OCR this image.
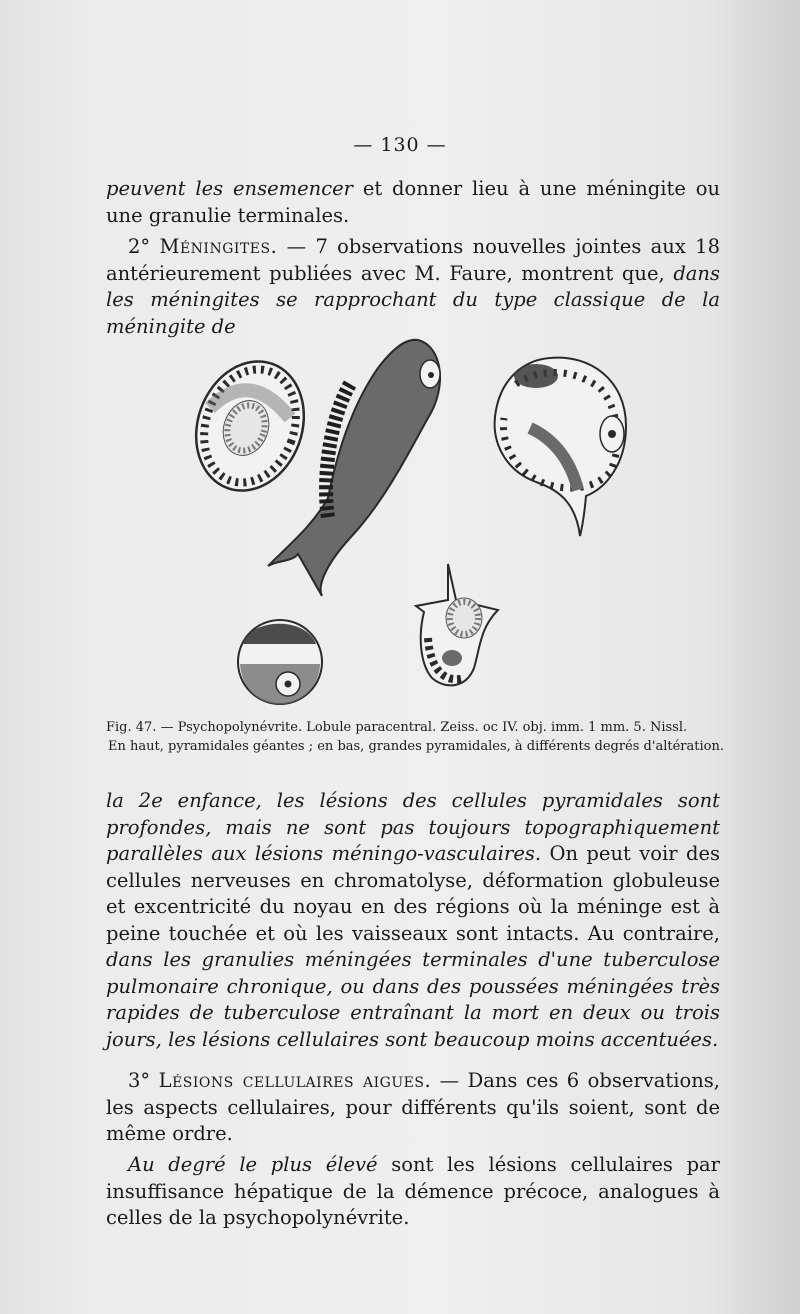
— 130 —

peuvent les ensemencer et donner lieu à une méningite ou une granulie terminales.

2° Méningites. — 7 observations nouvelles jointes aux 18 antérieurement publiées avec M. Faure, montrent que, dans les méningites se rapprochant du type classique de la méningite de

Fig. 47. — Psychopolynévrite. Lobule paracentral. Zeiss. oc IV. obj. imm. 1 mm. 5. Nissl.
En haut, pyramidales géantes ; en bas, grandes pyramidales, à différents degrés d'altération.

la 2e enfance, les lésions des cellules pyramidales sont profondes, mais ne sont pas toujours topographiquement parallèles aux lésions méningo-vasculaires. On peut voir des cellules nerveuses en chromatolyse, déformation globuleuse et excentricité du noyau en des régions où la méninge est à peine touchée et où les vaisseaux sont intacts. Au contraire, dans les granulies méningées terminales d'une tuberculose pulmonaire chronique, ou dans des poussées méningées très rapides de tuberculose entraînant la mort en deux ou trois jours, les lésions cellulaires sont beaucoup moins accentuées.

3° Lésions cellulaires aigues. — Dans ces 6 observations, les aspects cellulaires, pour différents qu'ils soient, sont de même ordre.

Au degré le plus élevé sont les lésions cellulaires par insuffisance hépatique de la démence précoce, analogues à celles de la psychopolynévrite.
